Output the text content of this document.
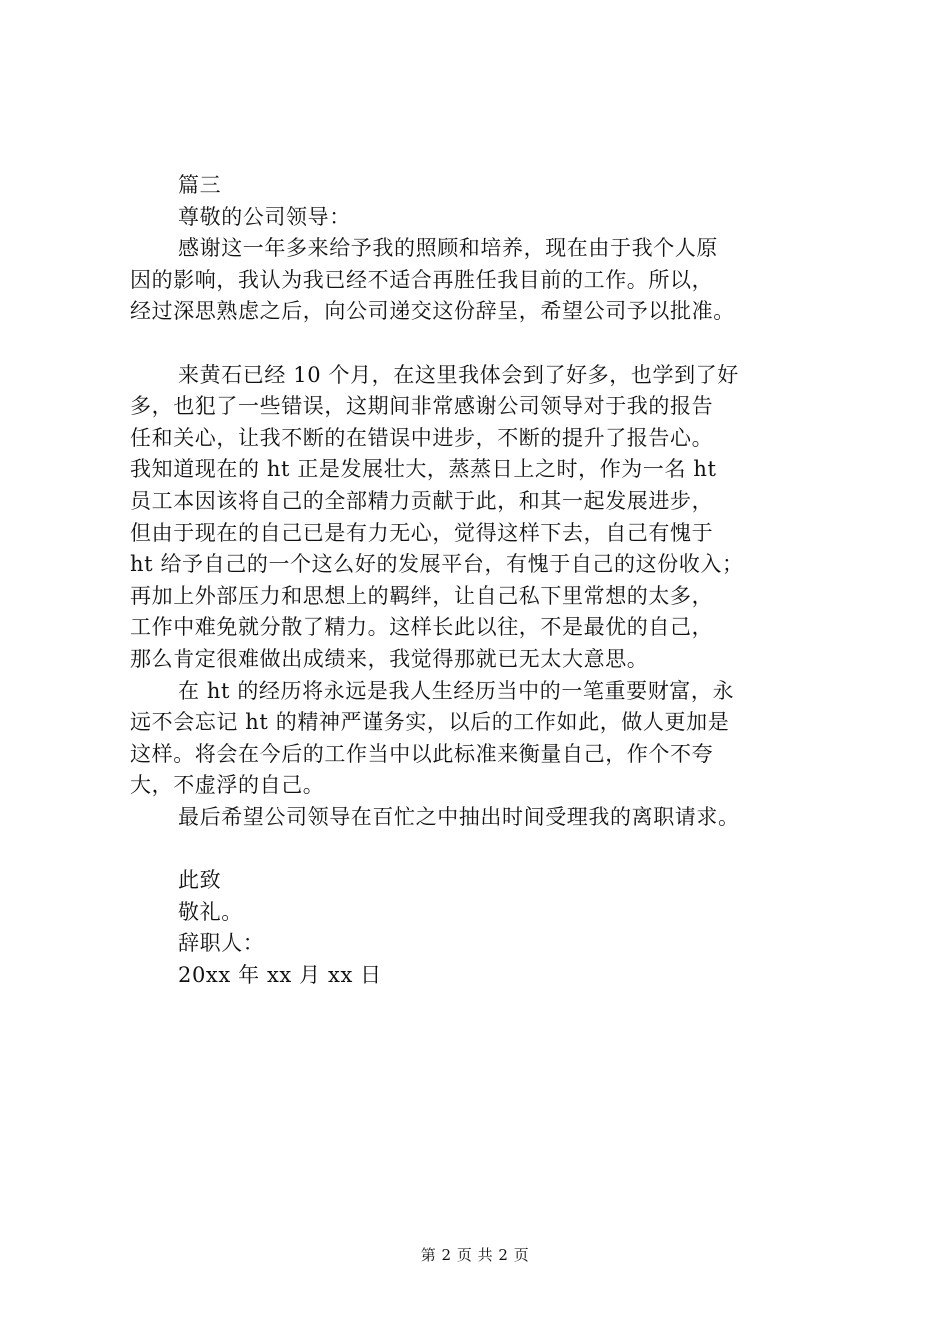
篇三
尊敬的公司领导：
感谢这一年多来给予我的照顾和培养，现在由于我个人原
因的影响，我认为我已经不适合再胜任我目前的工作。所以，
经过深思熟虑之后，向公司递交这份辞呈，希望公司予以批准。
来黄石已经 10 个月，在这里我体会到了好多，也学到了好
多，也犯了一些错误，这期间非常感谢公司领导对于我的报告
任和关心，让我不断的在错误中进步，不断的提升了报告心。
我知道现在的 ht 正是发展壮大，蒸蒸日上之时，作为一名 ht
员工本因该将自己的全部精力贡献于此，和其一起发展进步，
但由于现在的自己已是有力无心，觉得这样下去，自己有愧于
ht 给予自己的一个这么好的发展平台，有愧于自己的这份收入；
再加上外部压力和思想上的羁绊，让自己私下里常想的太多，
工作中难免就分散了精力。这样长此以往，不是最优的自己，
那么肯定很难做出成绩来，我觉得那就已无太大意思。
在 ht 的经历将永远是我人生经历当中的一笔重要财富，永
远不会忘记 ht 的精神严谨务实，以后的工作如此，做人更加是
这样。将会在今后的工作当中以此标准来衡量自己，作个不夸
大，不虚浮的自己。
最后希望公司领导在百忙之中抽出时间受理我的离职请求。
此致
敬礼。
辞职人：
20xx 年 xx 月 xx 日
第 2 页 共 2 页
